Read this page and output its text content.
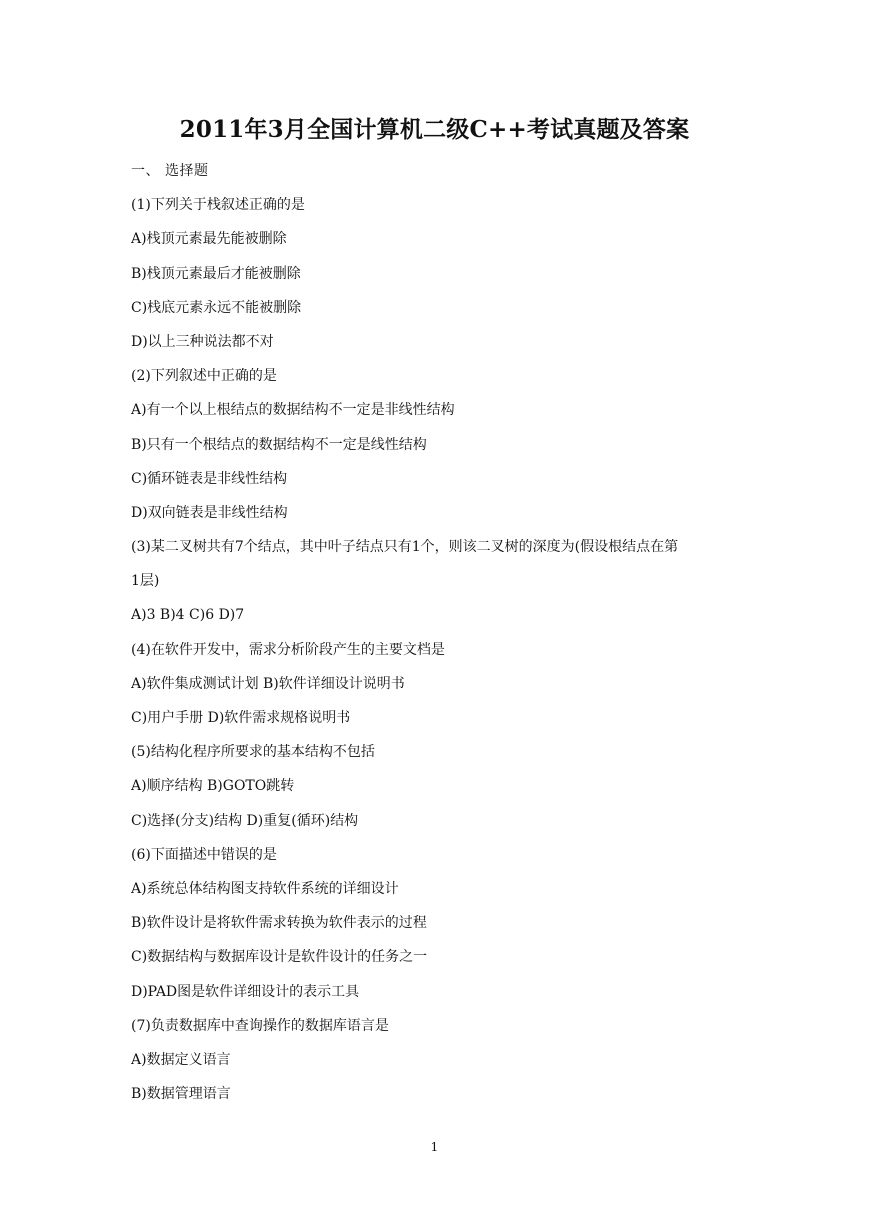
2011年3月全国计算机二级C++考试真题及答案
一、 选择题
(1)下列关于栈叙述正确的是
A)栈顶元素最先能被删除
B)栈顶元素最后才能被删除
C)栈底元素永远不能被删除
D)以上三种说法都不对
(2)下列叙述中正确的是
A)有一个以上根结点的数据结构不一定是非线性结构
B)只有一个根结点的数据结构不一定是线性结构
C)循环链表是非线性结构
D)双向链表是非线性结构
(3)某二叉树共有7个结点，其中叶子结点只有1个，则该二叉树的深度为(假设根结点在第
1层)
A)3 B)4 C)6 D)7
(4)在软件开发中，需求分析阶段产生的主要文档是
A)软件集成测试计划 B)软件详细设计说明书
C)用户手册 D)软件需求规格说明书
(5)结构化程序所要求的基本结构不包括
A)顺序结构 B)GOTO跳转
C)选择(分支)结构 D)重复(循环)结构
(6)下面描述中错误的是
A)系统总体结构图支持软件系统的详细设计
B)软件设计是将软件需求转换为软件表示的过程
C)数据结构与数据库设计是软件设计的任务之一
D)PAD图是软件详细设计的表示工具
(7)负责数据库中查询操作的数据库语言是
A)数据定义语言
B)数据管理语言
1
